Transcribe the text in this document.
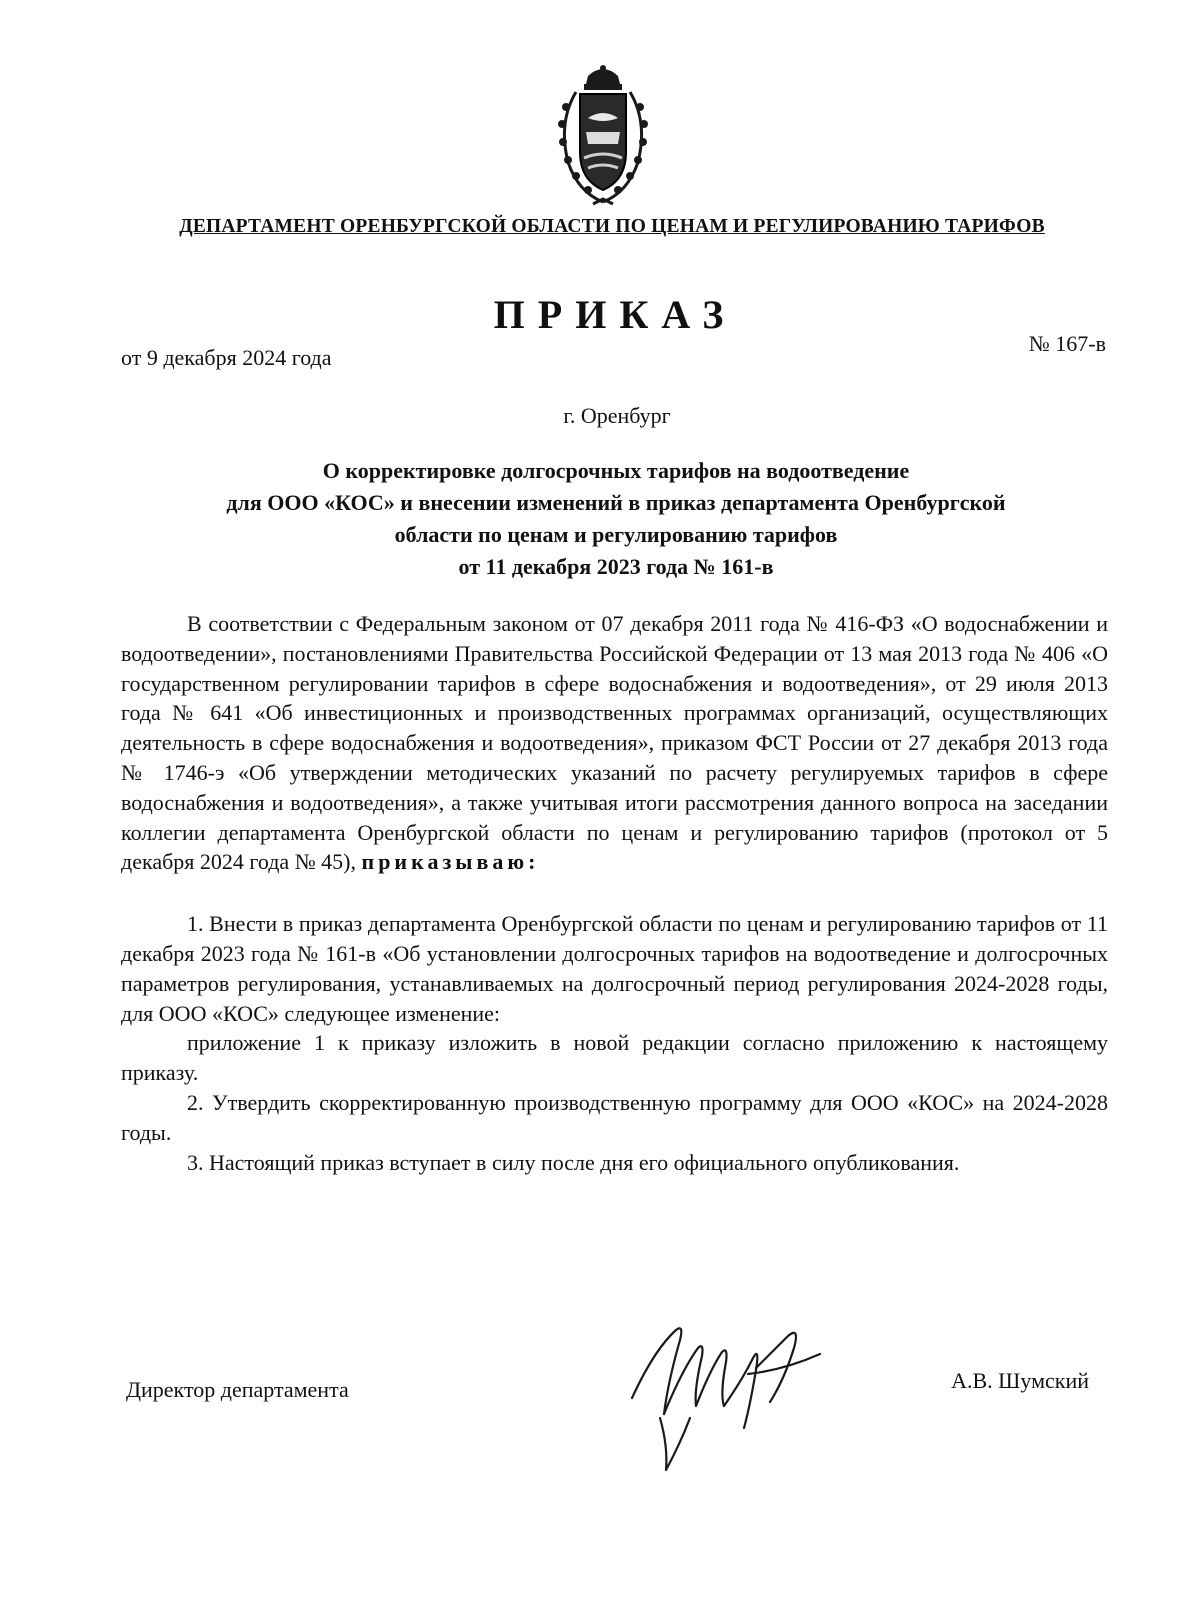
ДЕПАРТАМЕНТ ОРЕНБУРГСКОЙ ОБЛАСТИ ПО ЦЕНАМ И РЕГУЛИРОВАНИЮ ТАРИФОВ
ПРИКАЗ
от 9 декабря 2024 года
№ 167-в
г. Оренбург
О корректировке долгосрочных тарифов на водоотведение
для ООО «КОС» и внесении изменений в приказ департамента Оренбургской
области по ценам и регулированию тарифов
от 11 декабря 2023 года № 161-в

В соответствии с Федеральным законом от 07 декабря 2011 года № 416-ФЗ «О водоснабжении и водоотведении», постановлениями Правительства Российской Федерации от 13 мая 2013 года № 406 «О государственном регулировании тарифов в сфере водоснабжения и водоотведения», от 29 июля 2013 года № 641 «Об инвестиционных и производственных программах организаций, осуществляющих деятельность в сфере водоснабжения и водоотведения», приказом ФСТ России от 27 декабря 2013 года № 1746-э «Об утверждении методических указаний по расчету регулируемых тарифов в сфере водоснабжения и водоотведения», а также учитывая итоги рассмотрения данного вопроса на заседании коллегии департамента Оренбургской области по ценам и регулированию тарифов (протокол от 5 декабря 2024 года № 45), приказываю:

1. Внести в приказ департамента Оренбургской области по ценам и регулированию тарифов от 11 декабря 2023 года № 161-в «Об установлении долгосрочных тарифов на водоотведение и долгосрочных параметров регулирования, устанавливаемых на долгосрочный период регулирования 2024-2028 годы, для ООО «КОС» следующее изменение:

приложение 1 к приказу изложить в новой редакции согласно приложению к настоящему приказу.

2. Утвердить скорректированную производственную программу для ООО «КОС» на 2024-2028 годы.

3. Настоящий приказ вступает в силу после дня его официального опубликования.

Директор департамента	А.В. Шумский
